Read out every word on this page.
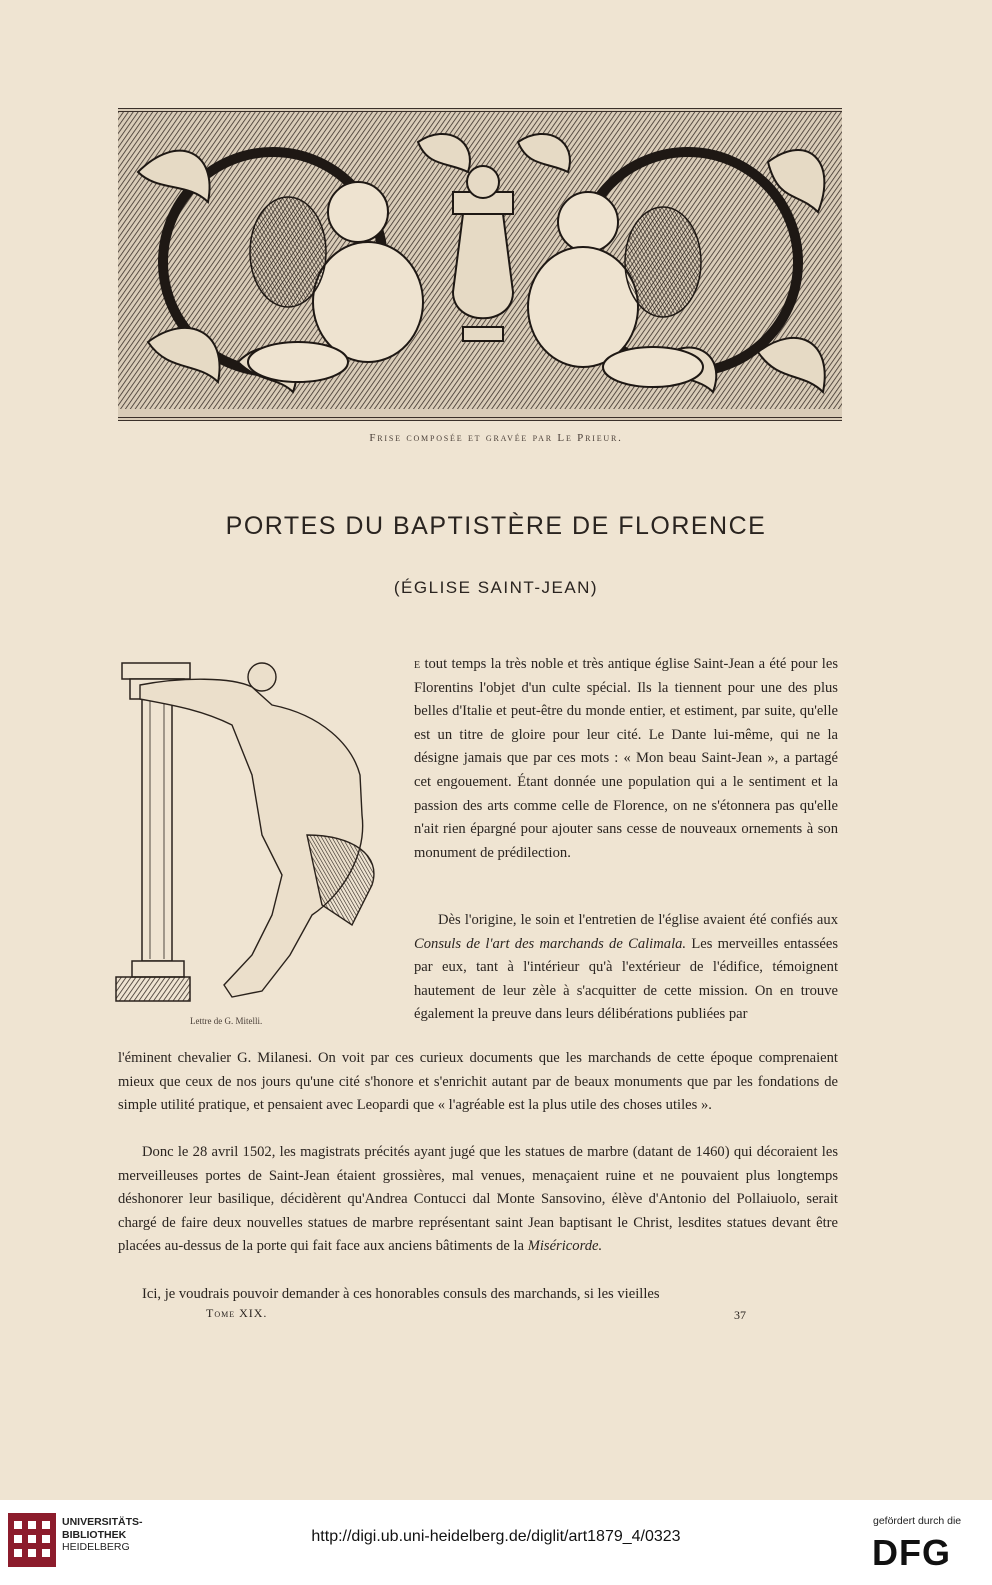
Frise composée et gravée par Le Prieur.
PORTES DU BAPTISTÈRE DE FLORENCE
(ÉGLISE SAINT-JEAN)
Lettre de G. Mitelli.

e tout temps la très noble et très antique église Saint-Jean a été pour les Florentins l'objet d'un culte spécial. Ils la tiennent pour une des plus belles d'Italie et peut-être du monde entier, et estiment, par suite, qu'elle est un titre de gloire pour leur cité. Le Dante lui-même, qui ne la désigne jamais que par ces mots : « Mon beau Saint-Jean », a partagé cet engouement. Étant donnée une population qui a le sentiment et la passion des arts comme celle de Florence, on ne s'étonnera pas qu'elle n'ait rien épargné pour ajouter sans cesse de nouveaux ornements à son monument de prédilection.

Dès l'origine, le soin et l'entretien de l'église avaient été confiés aux Consuls de l'art des marchands de Calimala. Les merveilles entassées par eux, tant à l'intérieur qu'à l'extérieur de l'édifice, témoignent hautement de leur zèle à s'acquitter de cette mission. On en trouve également la preuve dans leurs délibérations publiées par

l'éminent chevalier G. Milanesi. On voit par ces curieux documents que les marchands de cette époque comprenaient mieux que ceux de nos jours qu'une cité s'honore et s'enrichit autant par de beaux monuments que par les fondations de simple utilité pratique, et pensaient avec Leopardi que « l'agréable est la plus utile des choses utiles ».

Donc le 28 avril 1502, les magistrats précités ayant jugé que les statues de marbre (datant de 1460) qui décoraient les merveilleuses portes de Saint-Jean étaient grossières, mal venues, menaçaient ruine et ne pouvaient plus longtemps déshonorer leur basilique, décidèrent qu'Andrea Contucci dal Monte Sansovino, élève d'Antonio del Pollaiuolo, serait chargé de faire deux nouvelles statues de marbre représentant saint Jean baptisant le Christ, lesdites statues devant être placées au-dessus de la porte qui fait face aux anciens bâtiments de la Miséricorde.

Ici, je voudrais pouvoir demander à ces honorables consuls des marchands, si les vieilles

Tome XIX.	37
UNIVERSITÄTS-
BIBLIOTHEK
HEIDELBERG
http://digi.ub.uni-heidelberg.de/diglit/art1879_4/0323
gefördert durch die
DFG
